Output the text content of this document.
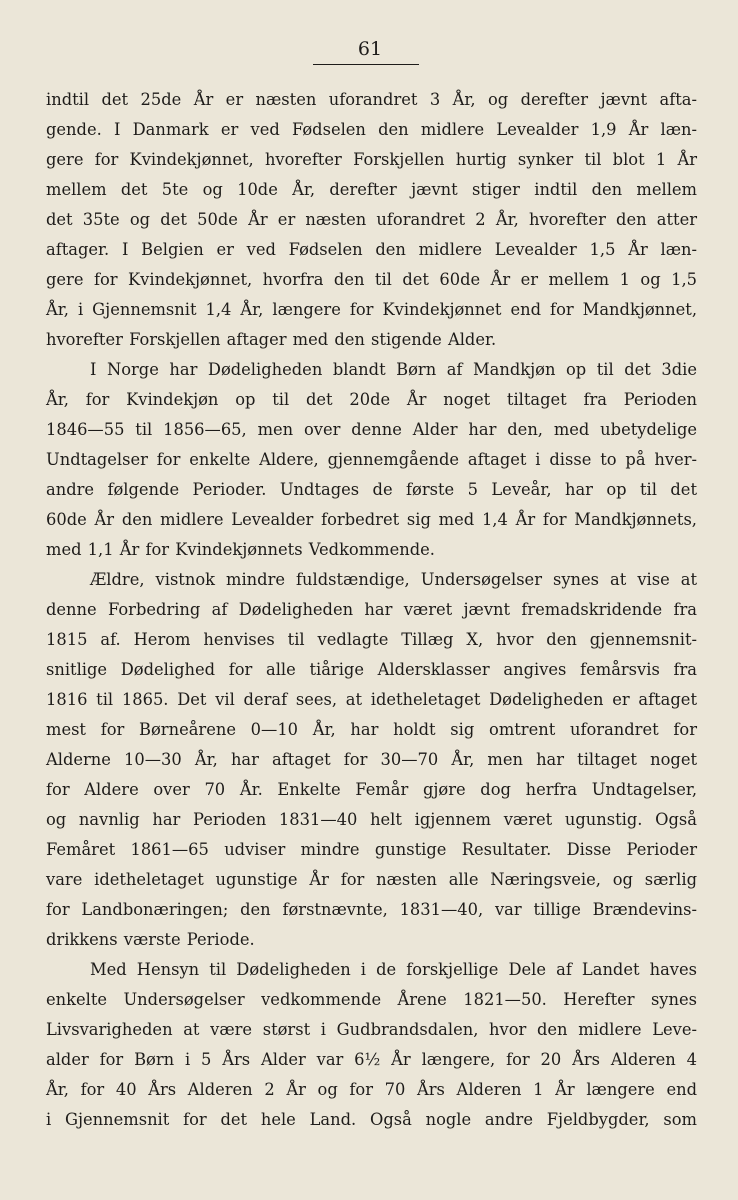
61
indtil det 25de År er næsten uforandret 3 År, og derefter jævnt afta-
gende. I Danmark er ved Fødselen den midlere Levealder 1,9 År læn-
gere for Kvindekjønnet, hvorefter Forskjellen hurtig synker til blot 1 År
mellem det 5te og 10de År, derefter jævnt stiger indtil den mellem
det 35te og det 50de År er næsten uforandret 2 År, hvorefter den atter
aftager. I Belgien er ved Fødselen den midlere Levealder 1,5 År læn-
gere for Kvindekjønnet, hvorfra den til det 60de År er mellem 1 og 1,5
År, i Gjennemsnit 1,4 År, længere for Kvindekjønnet end for Mandkjønnet,
hvorefter Forskjellen aftager med den stigende Alder.
I Norge har Dødeligheden blandt Børn af Mandkjøn op til det 3die
År, for Kvindekjøn op til det 20de År noget tiltaget fra Perioden
1846—55 til 1856—65, men over denne Alder har den, med ubetydelige
Undtagelser for enkelte Aldere, gjennemgående aftaget i disse to på hver-
andre følgende Perioder. Undtages de første 5 Leveår, har op til det
60de År den midlere Levealder forbedret sig med 1,4 År for Mandkjønnets,
med 1,1 År for Kvindekjønnets Vedkommende.
Ældre, vistnok mindre fuldstændige, Undersøgelser synes at vise at
denne Forbedring af Dødeligheden har været jævnt fremadskridende fra
1815 af. Herom henvises til vedlagte Tillæg X, hvor den gjennemsnit-
snitlige Dødelighed for alle tiårige Aldersklasser angives femårsvis fra
1816 til 1865. Det vil deraf sees, at idetheletaget Dødeligheden er aftaget
mest for Børneårene 0—10 År, har holdt sig omtrent uforandret for
Alderne 10—30 År, har aftaget for 30—70 År, men har tiltaget noget
for Aldere over 70 År. Enkelte Femår gjøre dog herfra Undtagelser,
og navnlig har Perioden 1831—40 helt igjennem været ugunstig. Også
Femåret 1861—65 udviser mindre gunstige Resultater. Disse Perioder
vare idetheletaget ugunstige År for næsten alle Næringsveie, og særlig
for Landbonæringen; den førstnævnte, 1831—40, var tillige Brændevins-
drikkens værste Periode.
Med Hensyn til Dødeligheden i de forskjellige Dele af Landet haves
enkelte Undersøgelser vedkommende Årene 1821—50. Herefter synes
Livsvarigheden at være størst i Gudbrandsdalen, hvor den midlere Leve-
alder for Børn i 5 Års Alder var 6½ År længere, for 20 Års Alderen 4
År, for 40 Års Alderen 2 År og for 70 Års Alderen 1 År længere end
i Gjennemsnit for det hele Land. Også nogle andre Fjeldbygder, som
